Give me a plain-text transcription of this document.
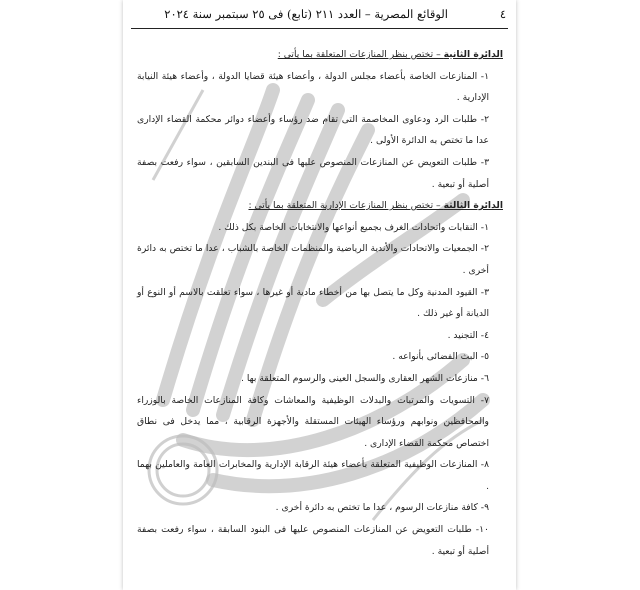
٤
الوقائع المصرية – العدد ٢١١ (تابع) فى ٢٥ سبتمبر سنة ٢٠٢٤

الدائرة الثانية – تختص بنظر المنازعات المتعلقة بما يأتى :

١- المنازعات الخاصة بأعضاء مجلس الدولة ، وأعضاء هيئة قضايا الدولة ، وأعضاء هيئة النيابة الإدارية .

٢- طلبات الرد ودعاوى المخاصمة التى تقام ضد رؤساء وأعضاء دوائر محكمة القضاء الإدارى عدا ما تختص به الدائرة الأولى .

٣- طلبات التعويض عن المنازعات المنصوص عليها فى البندين السابقين ، سواء رفعت بصفة أصلية أو تبعية .

الدائرة الثالثة – تختص بنظر المنازعات الإدارية المتعلقة بما يأتى :

١- النقابات واتحادات الغرف بجميع أنواعها والانتخابات الخاصة بكل ذلك .

٢- الجمعيات والاتحادات والأندية الرياضية والمنظمات الخاصة بالشباب ، عدا ما تختص به دائرة أخرى .

٣- القيود المدنية وكل ما يتصل بها من أخطاء مادية أو غيرها ، سواء تعلقت بالاسم أو النوع أو الديانة أو غير ذلك .

٤- التجنيد .

٥- البث الفضائى بأنواعه .

٦- منازعات الشهر العقارى والسجل العينى والرسوم المتعلقة بها .

٧- التسويات والمرتبات والبدلات الوظيفية والمعاشات وكافة المنازعات الخاصة بالوزراء والمحافظين ونوابهم ورؤساء الهيئات المستقلة والأجهزة الرقابية ، مما يدخل فى نطاق اختصاص محكمة القضاء الإدارى .

٨- المنازعات الوظيفية المتعلقة بأعضاء هيئة الرقابة الإدارية والمخابرات العامة والعاملين بهما .

٩- كافة منازعات الرسوم ، عدا ما تختص به دائرة أخرى .

١٠- طلبات التعويض عن المنازعات المنصوص عليها فى البنود السابقة ، سواء رفعت بصفة أصلية أو تبعية .
